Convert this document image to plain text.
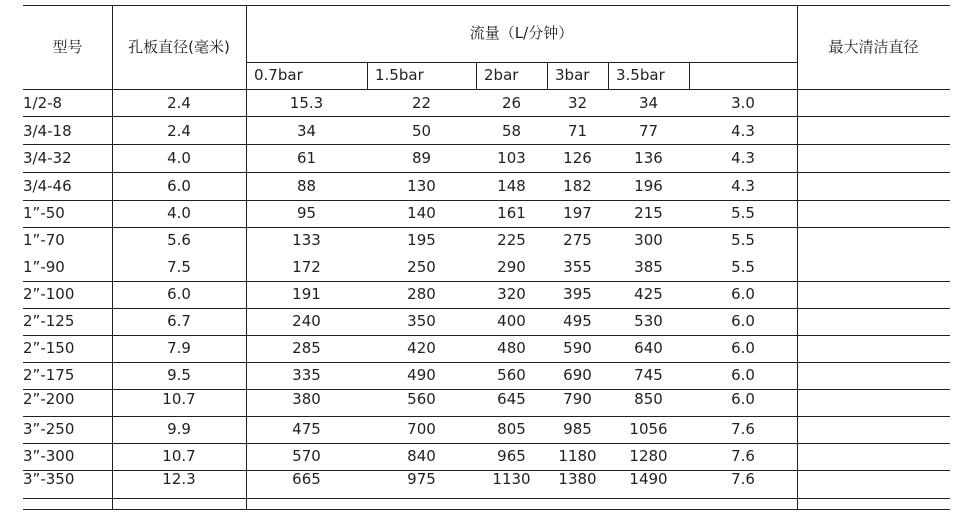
型号	孔板直径(毫米)
流量（L/分钟）
最大清洁直径
0.7bar	1.5bar	2bar	3bar	3.5bar
1/2-8	2.4	15.3	22	26	32	34	3.0
3/4-18	2.4	34	50	58	71	77	4.3
3/4-32	4.0	61	89	103	126	136	4.3
3/4-46	6.0	88	130	148	182	196	4.3
1”-50	4.0	95	140	161	197	215	5.5
1”-70	5.6	133	195	225	275	300	5.5
1”-90	7.5	172	250	290	355	385	5.5
2”-100	6.0	191	280	320	395	425	6.0
2”-125	6.7	240	350	400	495	530	6.0
2”-150	7.9	285	420	480	590	640	6.0
2”-175	9.5	335	490	560	690	745	6.0
2”-200	10.7	380	560	645	790	850	6.0
3”-250	9.9	475	700	805	985	1056	7.6
3”-300	10.7	570	840	965	1180	1280	7.6
3”-350	12.3	665	975	1130	1380	1490	7.6
